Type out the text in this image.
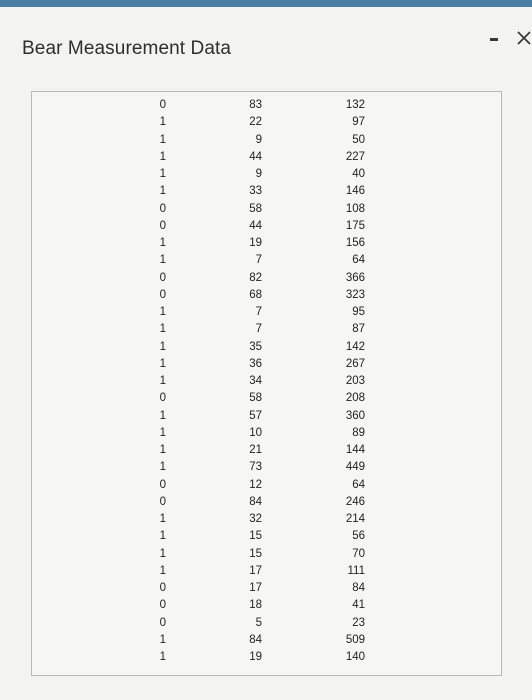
Bear Measurement Data
0	83	132
1	22	97
1	9	50
1	44	227
1	9	40
1	33	146
0	58	108
0	44	175
1	19	156
1	7	64
0	82	366
0	68	323
1	7	95
1	7	87
1	35	142
1	36	267
1	34	203
0	58	208
1	57	360
1	10	89
1	21	144
1	73	449
0	12	64
0	84	246
1	32	214
1	15	56
1	15	70
1	17	111
0	17	84
0	18	41
0	5	23
1	84	509
1	19	140
